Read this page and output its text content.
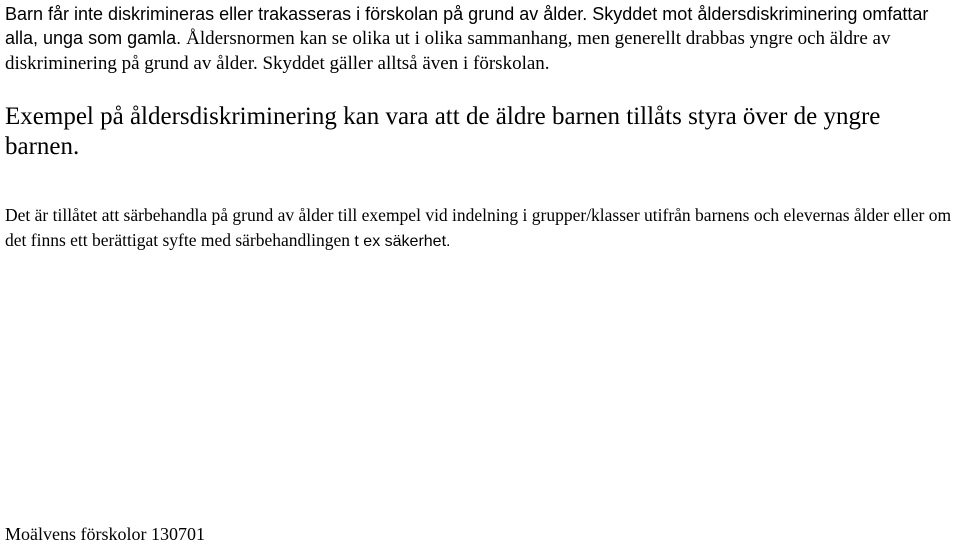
Barn får inte diskrimineras eller trakasseras i förskolan på grund av ålder. Skyddet mot åldersdiskriminering omfattar alla, unga som gamla. Åldersnormen kan se olika ut i olika sammanhang, men generellt drabbas yngre och äldre av diskriminering på grund av ålder. Skyddet gäller alltså även i förskolan.

Exempel på åldersdiskriminering kan vara att de äldre barnen tillåts styra över de yngre barnen.

Det är tillåtet att särbehandla på grund av ålder till exempel vid indelning i grupper/klasser utifrån barnens och elevernas ålder eller om det finns ett berättigat syfte med särbehandlingen t ex säkerhet.

Moälvens förskolor 130701
